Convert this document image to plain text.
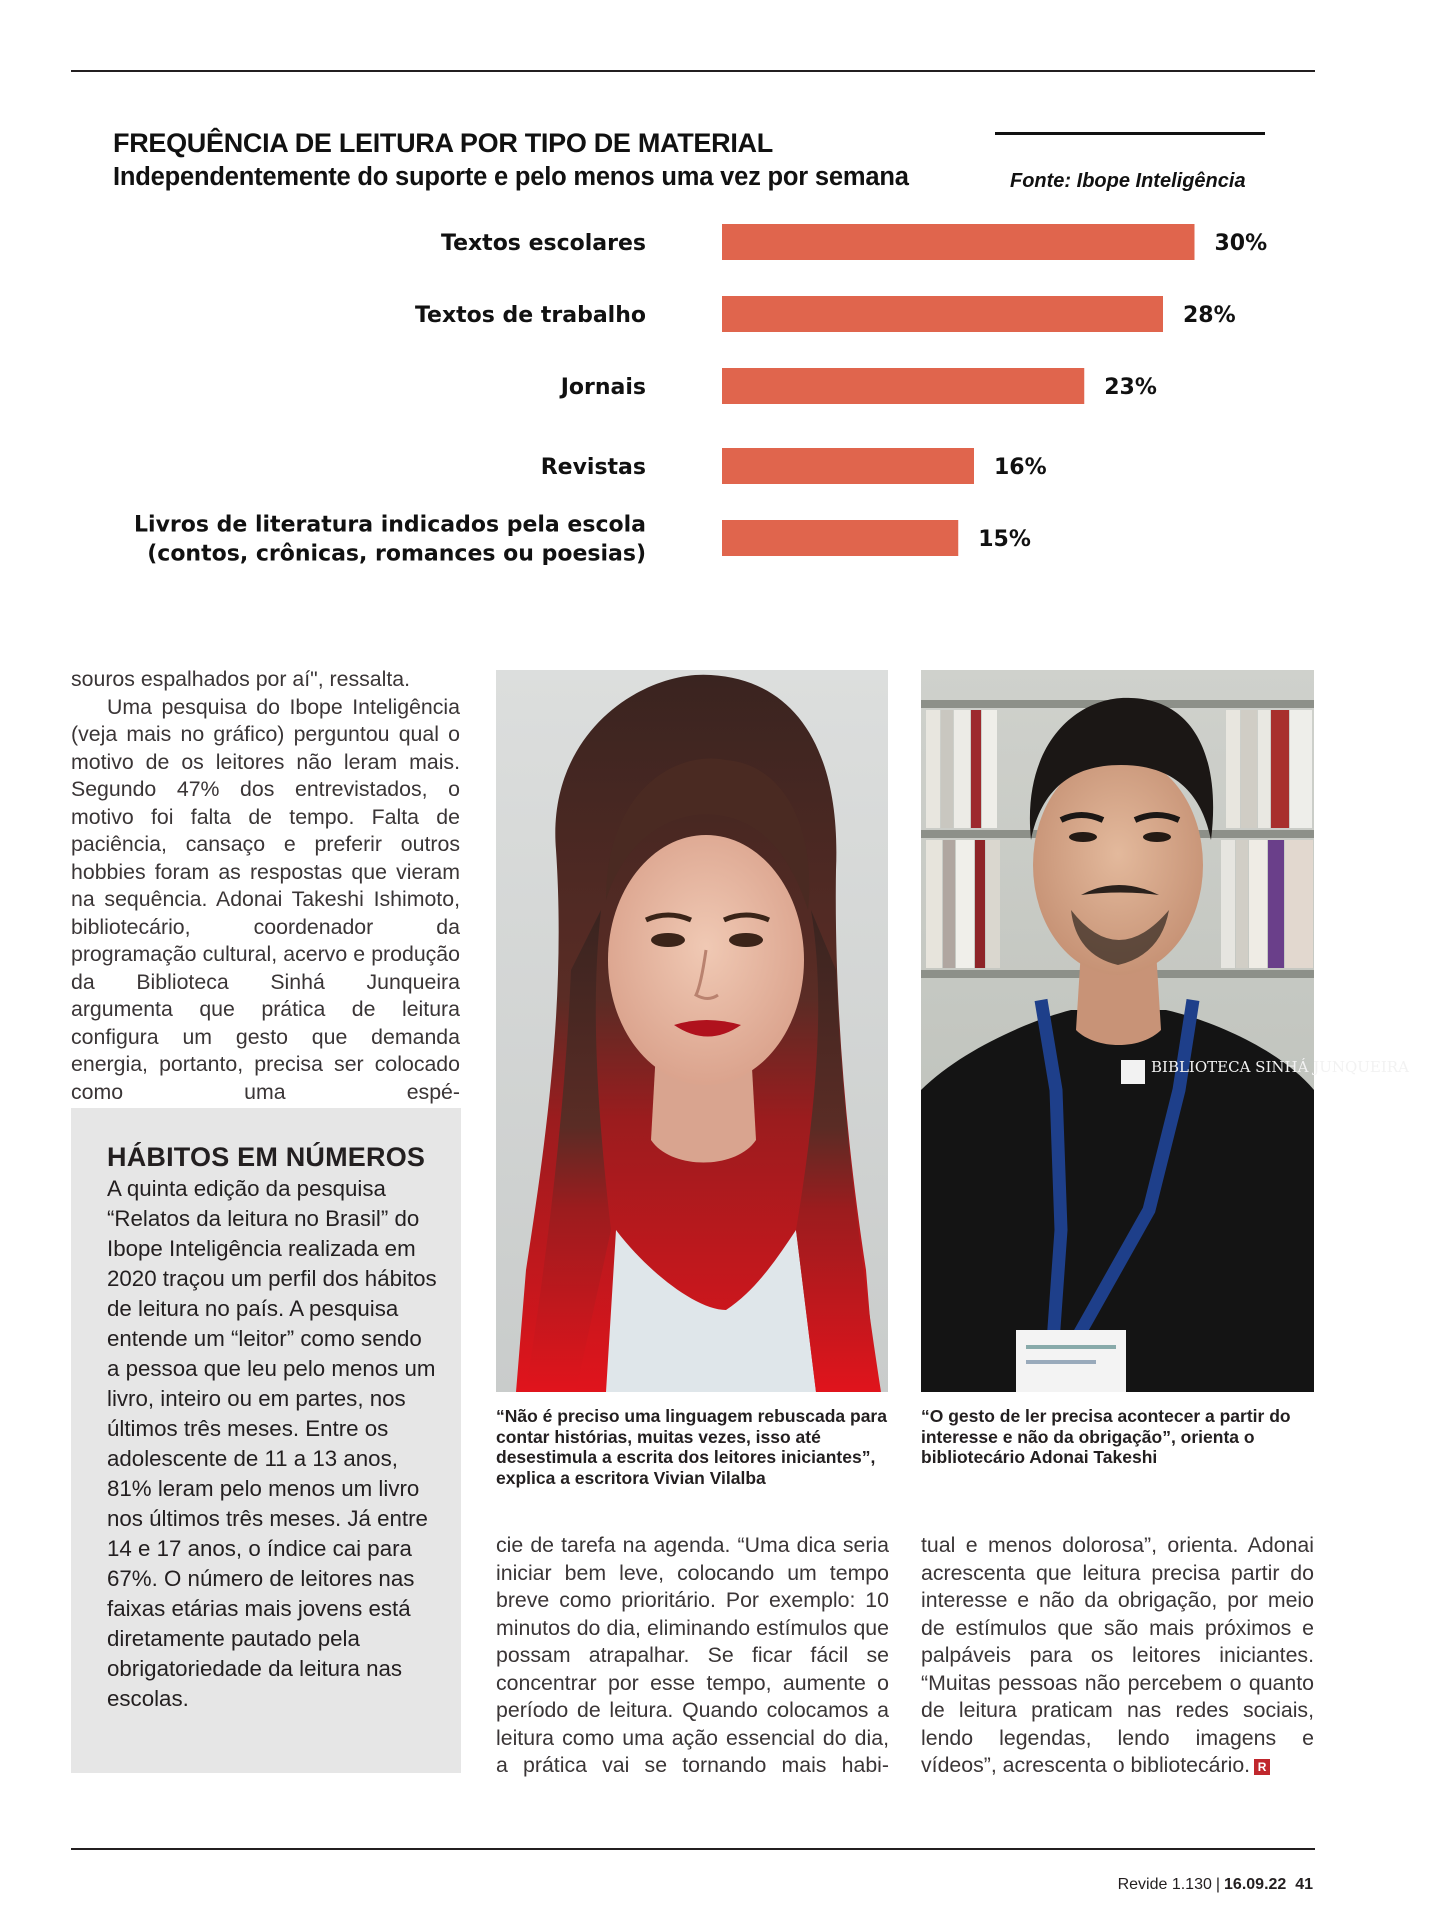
FREQUÊNCIA DE LEITURA POR TIPO DE MATERIAL
Independentemente do suporte e pelo menos uma vez por semana	Fonte: Ibope Inteligência
30%
Textos escolares
28%
Textos de trabalho
23%
Jornais
16%
Revistas
15%
Livros de literatura indicados pela escola
(contos, crônicas, romances ou poesias)

souros espalhados por aí", ressalta.

Uma pesquisa do Ibope Inteligência (veja mais no gráfico) perguntou qual o motivo de os leitores não leram mais. Segundo 47% dos entrevistados, o motivo foi falta de tempo. Falta de paciência, cansaço e preferir outros hobbies foram as respostas que vieram na sequência. Adonai Takeshi Ishimoto, bibliotecário, coordenador da programação cultural, acervo e produção da Biblioteca Sinhá Junqueira argumenta que prática de leitura configura um gesto que demanda energia, portanto, precisa ser colocado como uma espé-

HÁBITOS EM NÚMEROS
A quinta edição da pesquisa “Relatos da leitura no Brasil” do Ibope Inteligência realizada em 2020 traçou um perfil dos hábitos de leitura no país. A pesquisa entende um “leitor” como sendo a pessoa que leu pelo menos um livro, inteiro ou em partes, nos últimos três meses. Entre os adolescente de 11 a 13 anos, 81% leram pelo menos um livro nos últimos três meses. Já entre 14 e 17 anos, o índice cai para 67%. O número de leitores nas faixas etárias mais jovens está diretamente pautado pela obrigatoriedade da leitura nas escolas.
“Não é preciso uma linguagem rebuscada para contar histórias, muitas vezes, isso até desestimula a escrita dos leitores iniciantes”, explica a escritora Vivian Vilalba
BIBLIOTECA SINHÁ JUNQUEIRA
“O gesto de ler precisa acontecer a partir do interesse e não da obrigação”, orienta o bibliotecário Adonai Takeshi

cie de tarefa na agenda. “Uma dica seria iniciar bem leve, colocando um tempo breve como prioritário. Por exemplo: 10 minutos do dia, eliminando estímulos que possam atrapalhar. Se ficar fácil se concentrar por esse tempo, aumente o período de leitura. Quando colocamos a leitura como uma ação essencial do dia, a prática vai se tornando mais habi-

tual e menos dolorosa”, orienta. Adonai acrescenta que leitura precisa partir do interesse e não da obrigação, por meio de estímulos que são mais próximos e palpáveis para os leitores iniciantes. “Muitas pessoas não percebem o quanto de leitura praticam nas redes sociais, lendo legendas, lendo imagens e vídeos”, acrescenta o bibliotecário. R

Revide 1.130 | 16.09.22 41
